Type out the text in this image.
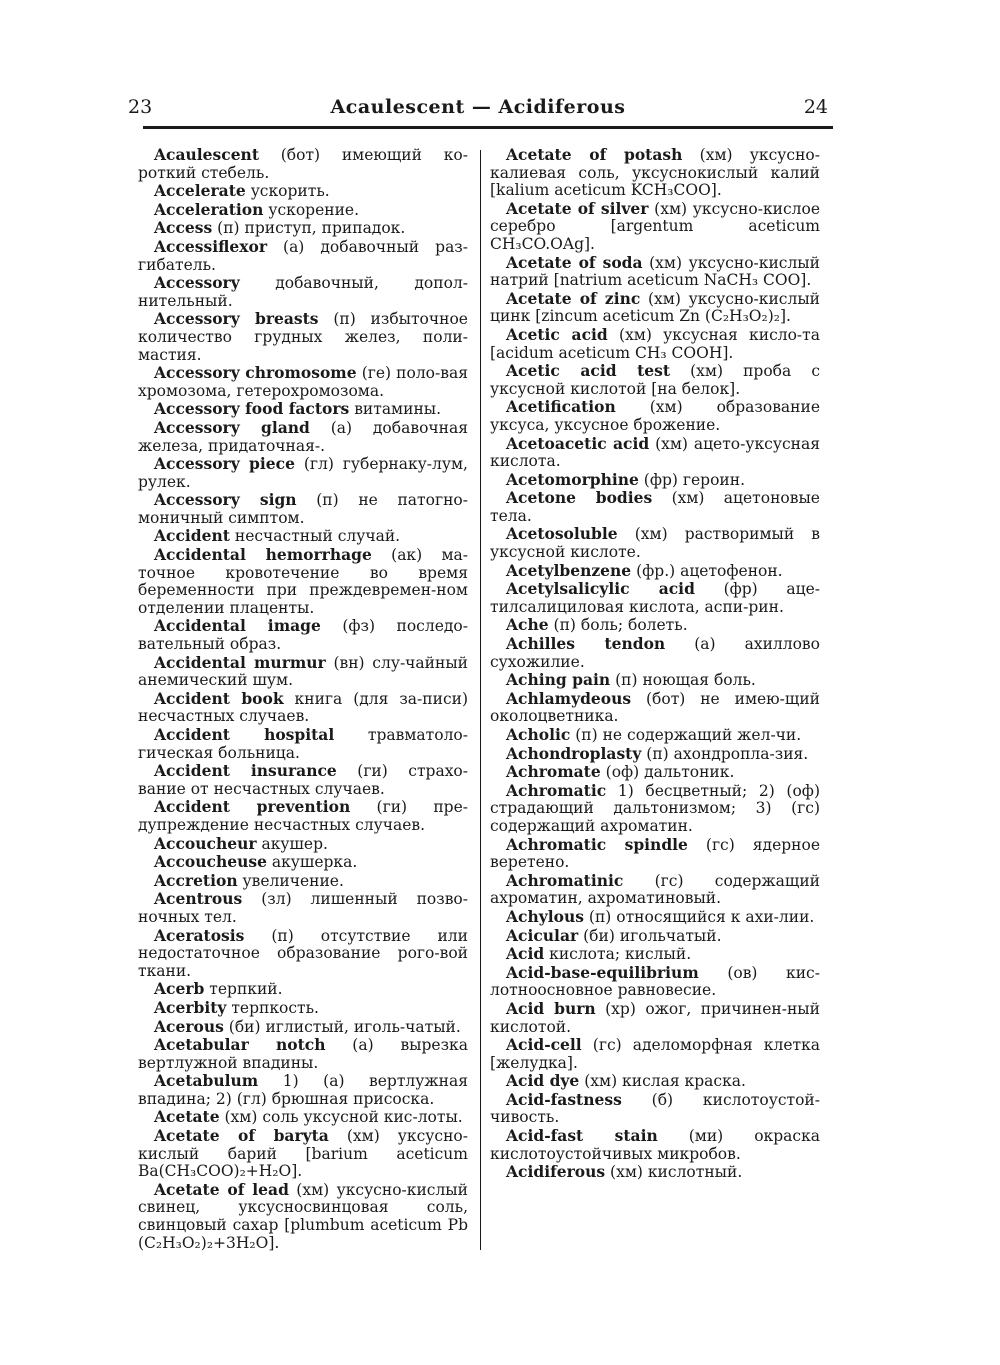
23	Acaulescent — Acidiferous	24

Acaulescent (бот) имеющий ко-роткий стебель.

Accelerate ускорить.

Acceleration ускорение.

Access (п) приступ, припадок.

Accessiflexor (а) добавочный раз-гибатель.

Accessory добавочный, допол-нительный.

Accessory breasts (п) избыточное количество грудных желез, поли-мастия.

Accessory chromosome (ге) поло-вая хромозома, гетерохромозома.

Accessory food factors витамины.

Accessory gland (а) добавочная железа, придаточная-.

Accessory piece (гл) губернаку-лум, рулек.

Accessory sign (п) не патогно-моничный симптом.

Accident несчастный случай.

Accidental hemorrhage (ак) ма-точное кровотечение во время беременности при преждевремен-ном отделении плаценты.

Accidental image (фз) последо-вательный образ.

Accidental murmur (вн) слу-чайный анемический шум.

Accident book книга (для за-писи) несчастных случаев.

Accident hospital травматоло-гическая больница.

Accident insurance (ги) страхо-вание от несчастных случаев.

Accident prevention (ги) пре-дупреждение несчастных случаев.

Accoucheur акушер.

Accoucheuse акушерка.

Accretion увеличение.

Acentrous (зл) лишенный позво-ночных тел.

Aceratosis (п) отсутствие или недостаточное образование рого-вой ткани.

Acerb терпкий.

Acerbity терпкость.

Acerous (би) иглистый, иголь-чатый.

Acetabular notch (а) вырезка вертлужной впадины.

Acetabulum 1) (а) вертлужная впадина; 2) (гл) брюшная присоска.

Acetate (хм) соль уксусной кис-лоты.

Acetate of baryta (хм) уксусно-кислый барий [barium aceticum Ba(CH₃COO)₂+H₂O].

Acetate of lead (хм) уксусно-кислый свинец, уксусносвинцовая соль, свинцовый сахар [plumbum aceticum Pb (C₂H₃O₂)₂+3H₂O].

Acetate of potash (хм) уксусно-калиевая соль, уксуснокислый калий [kalium aceticum KCH₃COO].

Acetate of silver (хм) уксусно-кислое серебро [argentum aceticum CH₃CO.OAg].

Acetate of soda (хм) уксусно-кислый натрий [natrium aceticum NaCH₃ COO].

Acetate of zinc (хм) уксусно-кислый цинк [zincum aceticum Zn (C₂H₃O₂)₂].

Acetic acid (хм) уксусная кисло-та [acidum aceticum CH₃ COOH].

Acetic acid test (хм) проба с уксусной кислотой [на белок].

Acetification (хм) образование уксуса, уксусное брожение.

Acetoacetic acid (хм) ацето-уксусная кислота.

Acetomorphine (фр) героин.

Acetone bodies (хм) ацетоновые тела.

Acetosoluble (хм) растворимый в уксусной кислоте.

Acetylbenzene (фр.) ацетофенон.

Acetylsalicylic acid (фр) аце-тилсалициловая кислота, аспи-рин.

Ache (п) боль; болеть.

Achilles tendon (а) ахиллово сухожилие.

Aching pain (п) ноющая боль.

Achlamydeous (бот) не имею-щий околоцветника.

Acholic (п) не содержащий жел-чи.

Achondroplasty (п) ахондропла-зия.

Achromate (оф) дальтоник.

Achromatic 1) бесцветный; 2) (оф) страдающий дальтонизмом; 3) (гс) содержащий ахроматин.

Achromatic spindle (гс) ядерное веретено.

Achromatinic (гс) содержащий ахроматин, ахроматиновый.

Achylous (п) относящийся к ахи-лии.

Acicular (би) игольчатый.

Acid кислота; кислый.

Acid-base-equilibrium (ов) кис-лотноосновное равновесие.

Acid burn (хр) ожог, причинен-ный кислотой.

Acid-cell (гс) аделоморфная клетка [желудка].

Acid dye (хм) кислая краска.

Acid-fastness (б) кислотоустой-чивость.

Acid-fast stain (ми) окраска кислотоустойчивых микробов.

Acidiferous (хм) кислотный.
